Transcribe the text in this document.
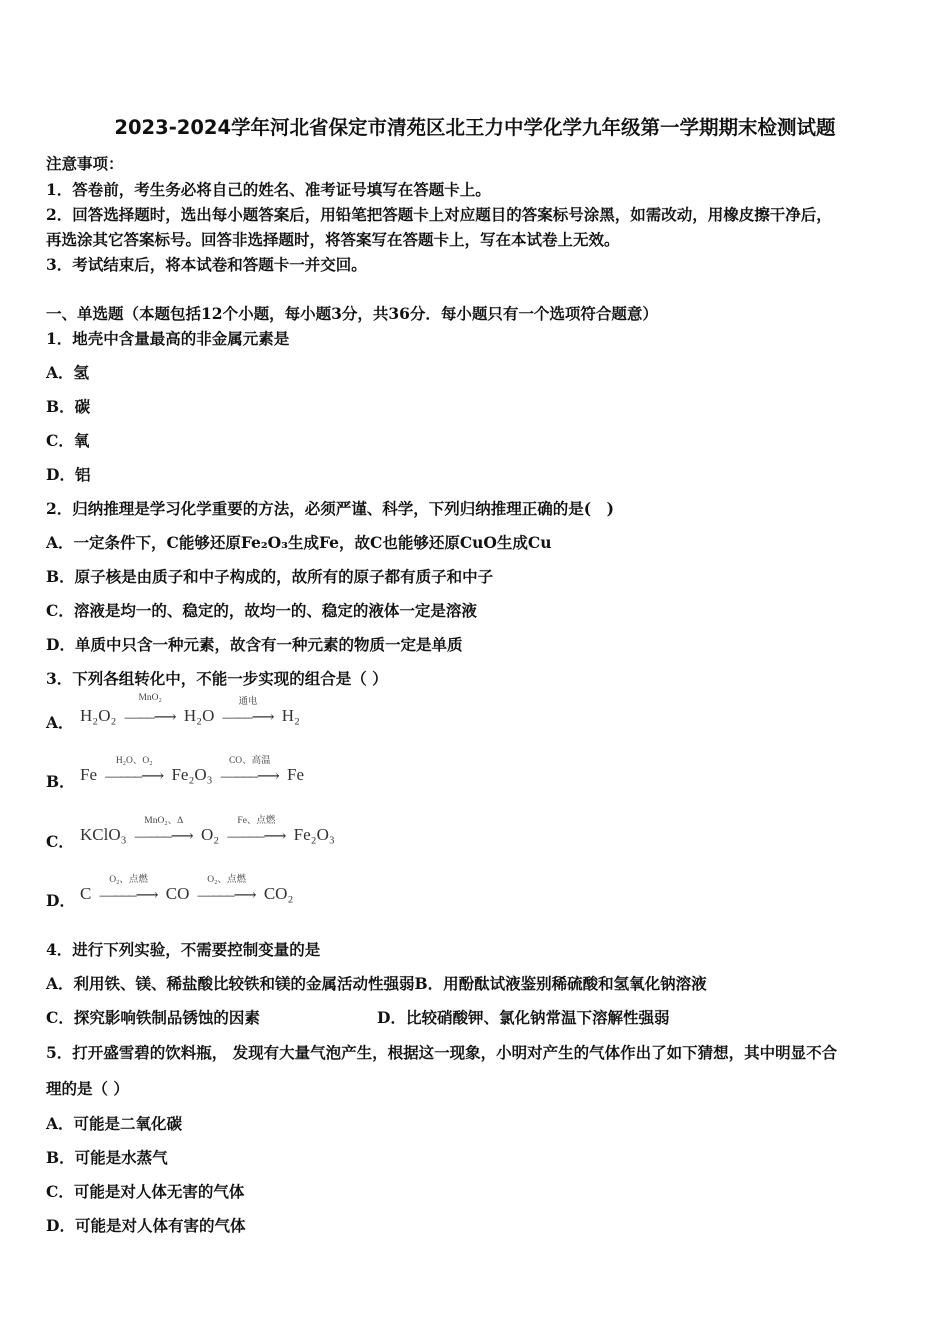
2023-2024学年河北省保定市清苑区北王力中学化学九年级第一学期期末检测试题
注意事项：
1．答卷前，考生务必将自己的姓名、准考证号填写在答题卡上。
2．回答选择题时，选出每小题答案后，用铅笔把答题卡上对应题目的答案标号涂黑，如需改动，用橡皮擦干净后，
再选涂其它答案标号。回答非选择题时，将答案写在答题卡上，写在本试卷上无效。
3．考试结束后，将本试卷和答题卡一并交回。
一、单选题（本题包括12个小题，每小题3分，共36分．每小题只有一个选项符合题意）
1．地壳中含量最高的非金属元素是
A．氢
B．碳
C．氧
D．铝
2．归纳推理是学习化学重要的方法，必须严谨、科学，下列归纳推理正确的是(　)
A．一定条件下，C能够还原Fe₂O₃生成Fe，故C也能够还原CuO生成Cu
B．原子核是由质子和中子构成的，故所有的原子都有质子和中子
C．溶液是均一的、稳定的，故均一的、稳定的液体一定是溶液
D．单质中只含一种元素，故含有一种元素的物质一定是单质
3．下列各组转化中，不能一步实现的组合是（ ）
A． H₂O₂
MnO₂
—‒‒⟶ H₂O
通电
—‒‒⟶ H₂
B． Fe
H₂O、O₂
—‒‒‒⟶ Fe₂O₃
CO、高温
—‒‒‒⟶ Fe
C． KClO₃
MnO₂、Δ
—‒‒‒⟶ O₂
Fe、点燃
—‒‒‒⟶ Fe₂O₃
D． C
O₂、点燃
—‒‒‒⟶ CO
O₂、点燃
—‒‒‒⟶ CO₂
4．进行下列实验，不需要控制变量的是
A．利用铁、镁、稀盐酸比较铁和镁的金属活动性强弱B．用酚酞试液鉴别稀硫酸和氢氧化钠溶液
C．探究影响铁制品锈蚀的因素	D．比较硝酸钾、氯化钠常温下溶解性强弱
5．打开盛雪碧的饮料瓶， 发现有大量气泡产生，根据这一现象，小明对产生的气体作出了如下猜想，其中明显不合
理的是（ ）
A．可能是二氧化碳
B．可能是水蒸气
C．可能是对人体无害的气体
D．可能是对人体有害的气体
